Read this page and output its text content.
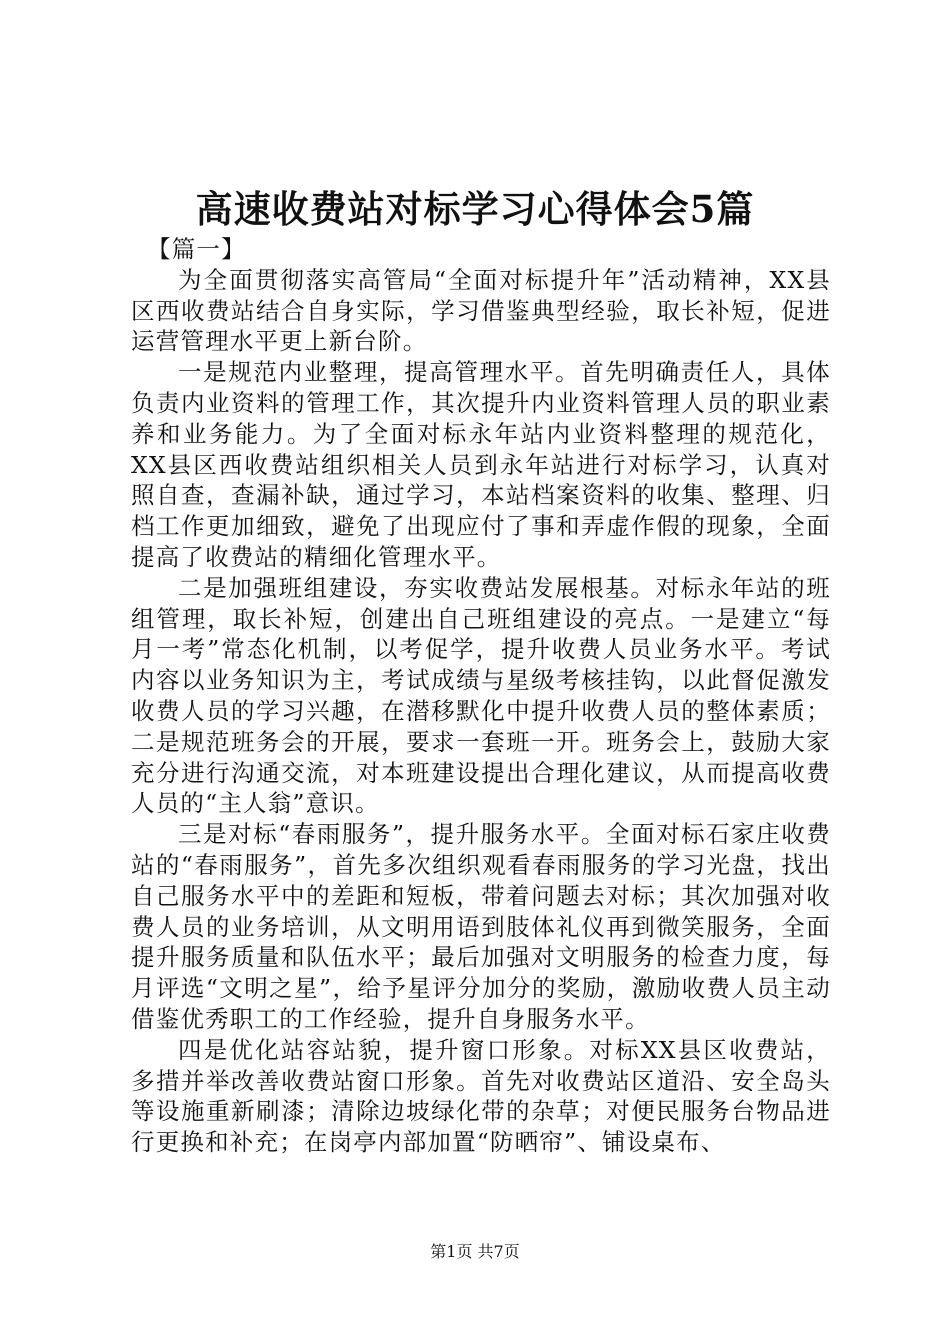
高速收费站对标学习心得体会5篇

【篇一】

为全面贯彻落实高管局“全面对标提升年”活动精神，XX县区西收费站结合自身实际，学习借鉴典型经验，取长补短，促进运营管理水平更上新台阶。

一是规范内业整理，提高管理水平。首先明确责任人，具体负责内业资料的管理工作，其次提升内业资料管理人员的职业素养和业务能力。为了全面对标永年站内业资料整理的规范化，XX县区西收费站组织相关人员到永年站进行对标学习，认真对照自查，查漏补缺，通过学习，本站档案资料的收集、整理、归档工作更加细致，避免了出现应付了事和弄虚作假的现象，全面提高了收费站的精细化管理水平。

二是加强班组建设，夯实收费站发展根基。对标永年站的班组管理，取长补短，创建出自己班组建设的亮点。一是建立“每月一考”常态化机制，以考促学，提升收费人员业务水平。考试内容以业务知识为主，考试成绩与星级考核挂钩，以此督促激发收费人员的学习兴趣，在潜移默化中提升收费人员的整体素质；二是规范班务会的开展，要求一套班一开。班务会上，鼓励大家充分进行沟通交流，对本班建设提出合理化建议，从而提高收费人员的“主人翁”意识。

三是对标“春雨服务”，提升服务水平。全面对标石家庄收费站的“春雨服务”，首先多次组织观看春雨服务的学习光盘，找出自己服务水平中的差距和短板，带着问题去对标；其次加强对收费人员的业务培训，从文明用语到肢体礼仪再到微笑服务，全面提升服务质量和队伍水平；最后加强对文明服务的检查力度，每月评选“文明之星”，给予星评分加分的奖励，激励收费人员主动借鉴优秀职工的工作经验，提升自身服务水平。

四是优化站容站貌，提升窗口形象。对标XX县区收费站，多措并举改善收费站窗口形象。首先对收费站区道沿、安全岛头等设施重新刷漆；清除边坡绿化带的杂草；对便民服务台物品进行更换和补充；在岗亭内部加置“防晒帘”、铺设桌布、

第1页 共7页
